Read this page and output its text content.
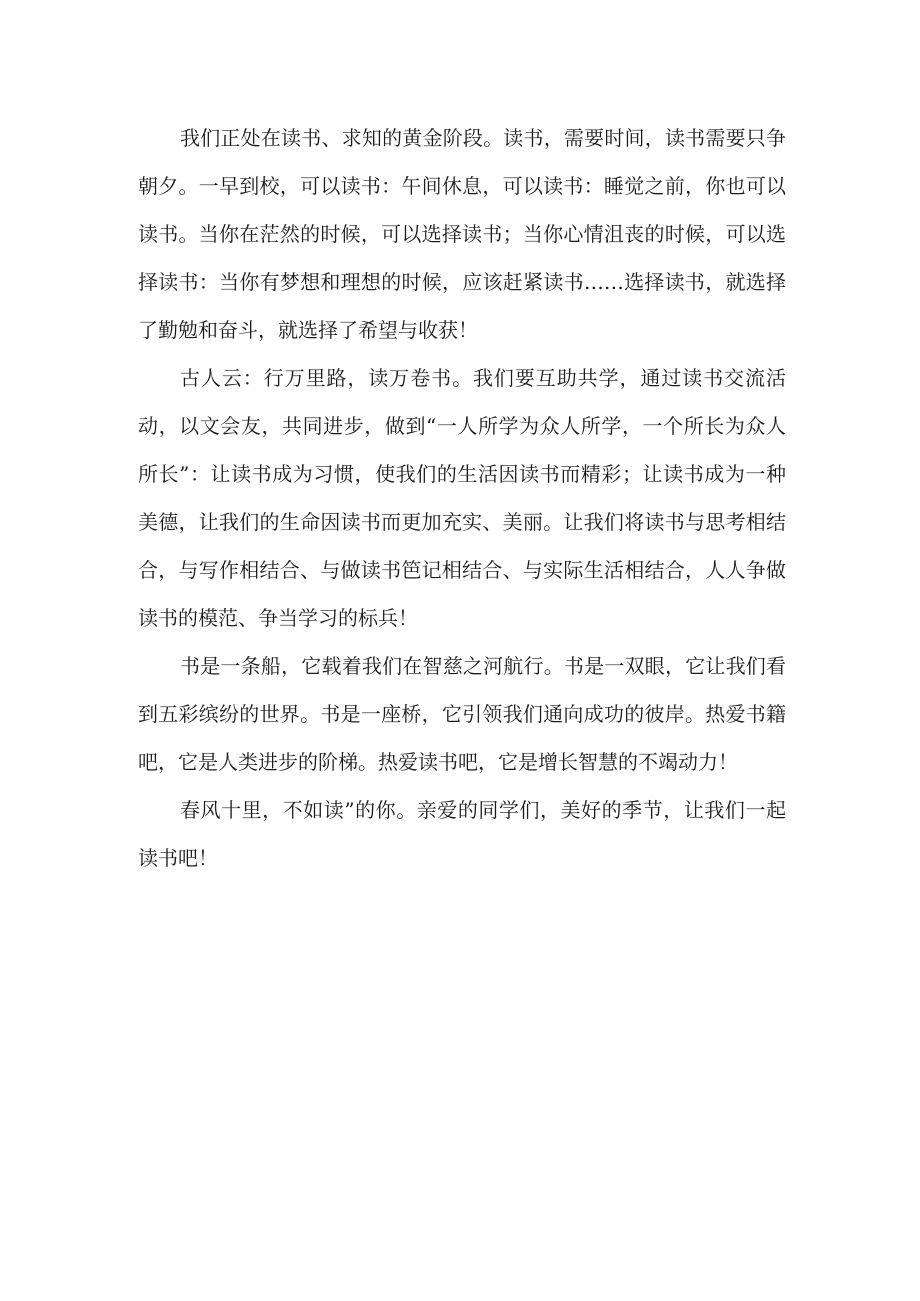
我们正处在读书、求知的黄金阶段。读书，需要时间，读书需要只争朝夕。一早到校，可以读书：午间休息，可以读书：睡觉之前，你也可以读书。当你在茫然的时候，可以选择读书；当你心情沮丧的时候，可以选择读书：当你有梦想和理想的时候，应该赶紧读书……选择读书，就选择了勤勉和奋斗，就选择了希望与收获！

古人云：行万里路，读万卷书。我们要互助共学，通过读书交流活动，以文会友，共同进步，做到“一人所学为众人所学，一个所长为众人所长”：让读书成为习惯，使我们的生活因读书而精彩；让读书成为一种美德，让我们的生命因读书而更加充实、美丽。让我们将读书与思考相结合，与写作相结合、与做读书笆记相结合、与实际生活相结合，人人争做读书的模范、争当学习的标兵！

书是一条船，它载着我们在智慈之河航行。书是一双眼，它让我们看到五彩缤纷的世界。书是一座桥，它引领我们通向成功的彼岸。热爱书籍吧，它是人类进步的阶梯。热爱读书吧，它是增长智慧的不竭动力！

春风十里，不如读”的你。亲爱的同学们，美好的季节，让我们一起读书吧！
